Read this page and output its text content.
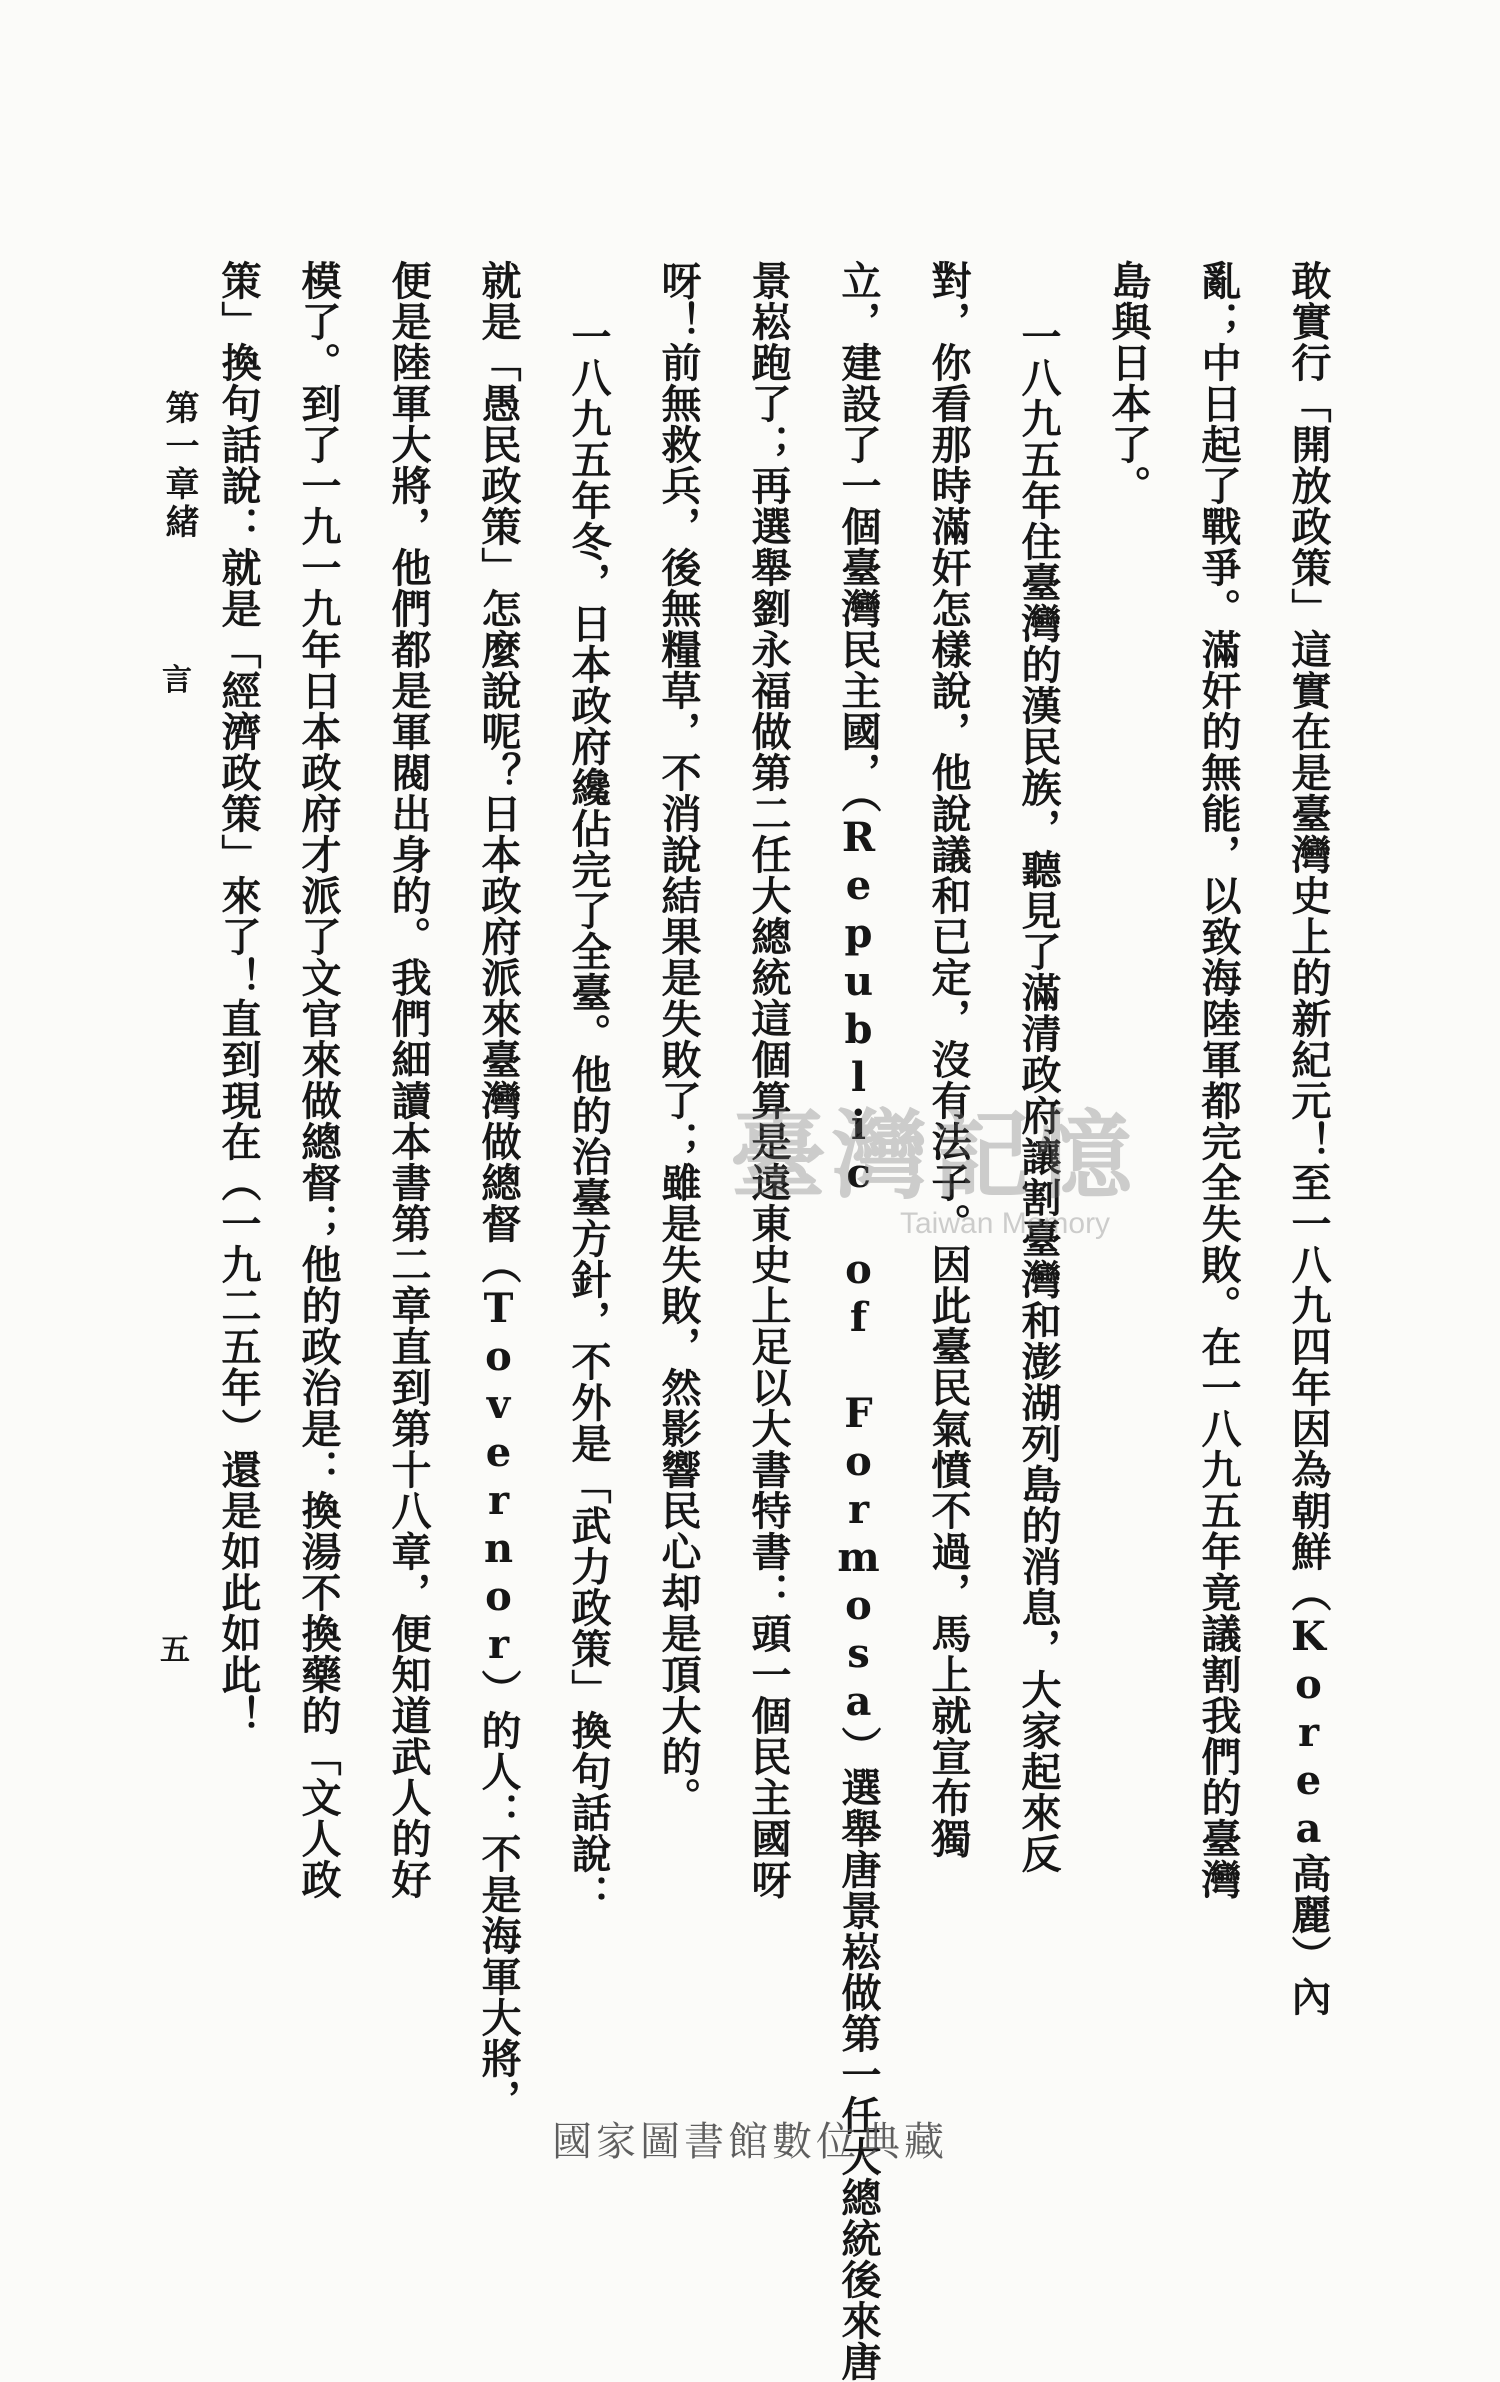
敢實行「開放政策」這實在是臺灣史上的新紀元！至一八九四年因為朝鮮（Korea高麗）內
亂；中日起了戰爭。滿奸的無能，以致海陸軍都完全失敗。在一八九五年竟議割我們的臺灣
島與日本了。
一八九五年住臺灣的漢民族，聽見了滿清政府讓割臺灣和澎湖列島的消息，大家起來反
對，你看那時滿奸怎樣說，他說議和已定，沒有法子。因此臺民氣憤不過，馬上就宣布獨
立，建設了一個臺灣民主國，（Republic of Formosa）選舉唐景崧做第一任大總統後來唐
景崧跑了；再選舉劉永福做第二任大總統這個算是遠東史上足以大書特書：頭一個民主國呀
呀！前無救兵，後無糧草，不消說結果是失敗了；雖是失敗，然影響民心却是頂大的。
一八九五年冬，日本政府纔佔完了全臺。他的治臺方針，不外是「武力政策」換句話說：
就是「愚民政策」怎麼說呢？日本政府派來臺灣做總督（Tovernor）的人：不是海軍大將，
便是陸軍大將，他們都是軍閥出身的。我們細讀本書第二章直到第十八章，便知道武人的好
模了。到了一九一九年日本政府才派了文官來做總督；他的政治是：換湯不換藥的「文人政
策」換句話說：就是「經濟政策」來了！直到現在（一九二五年）還是如此如此！
第一章緒
言
五
臺灣記憶
Taiwan Memory
國家圖書館數位典藏
